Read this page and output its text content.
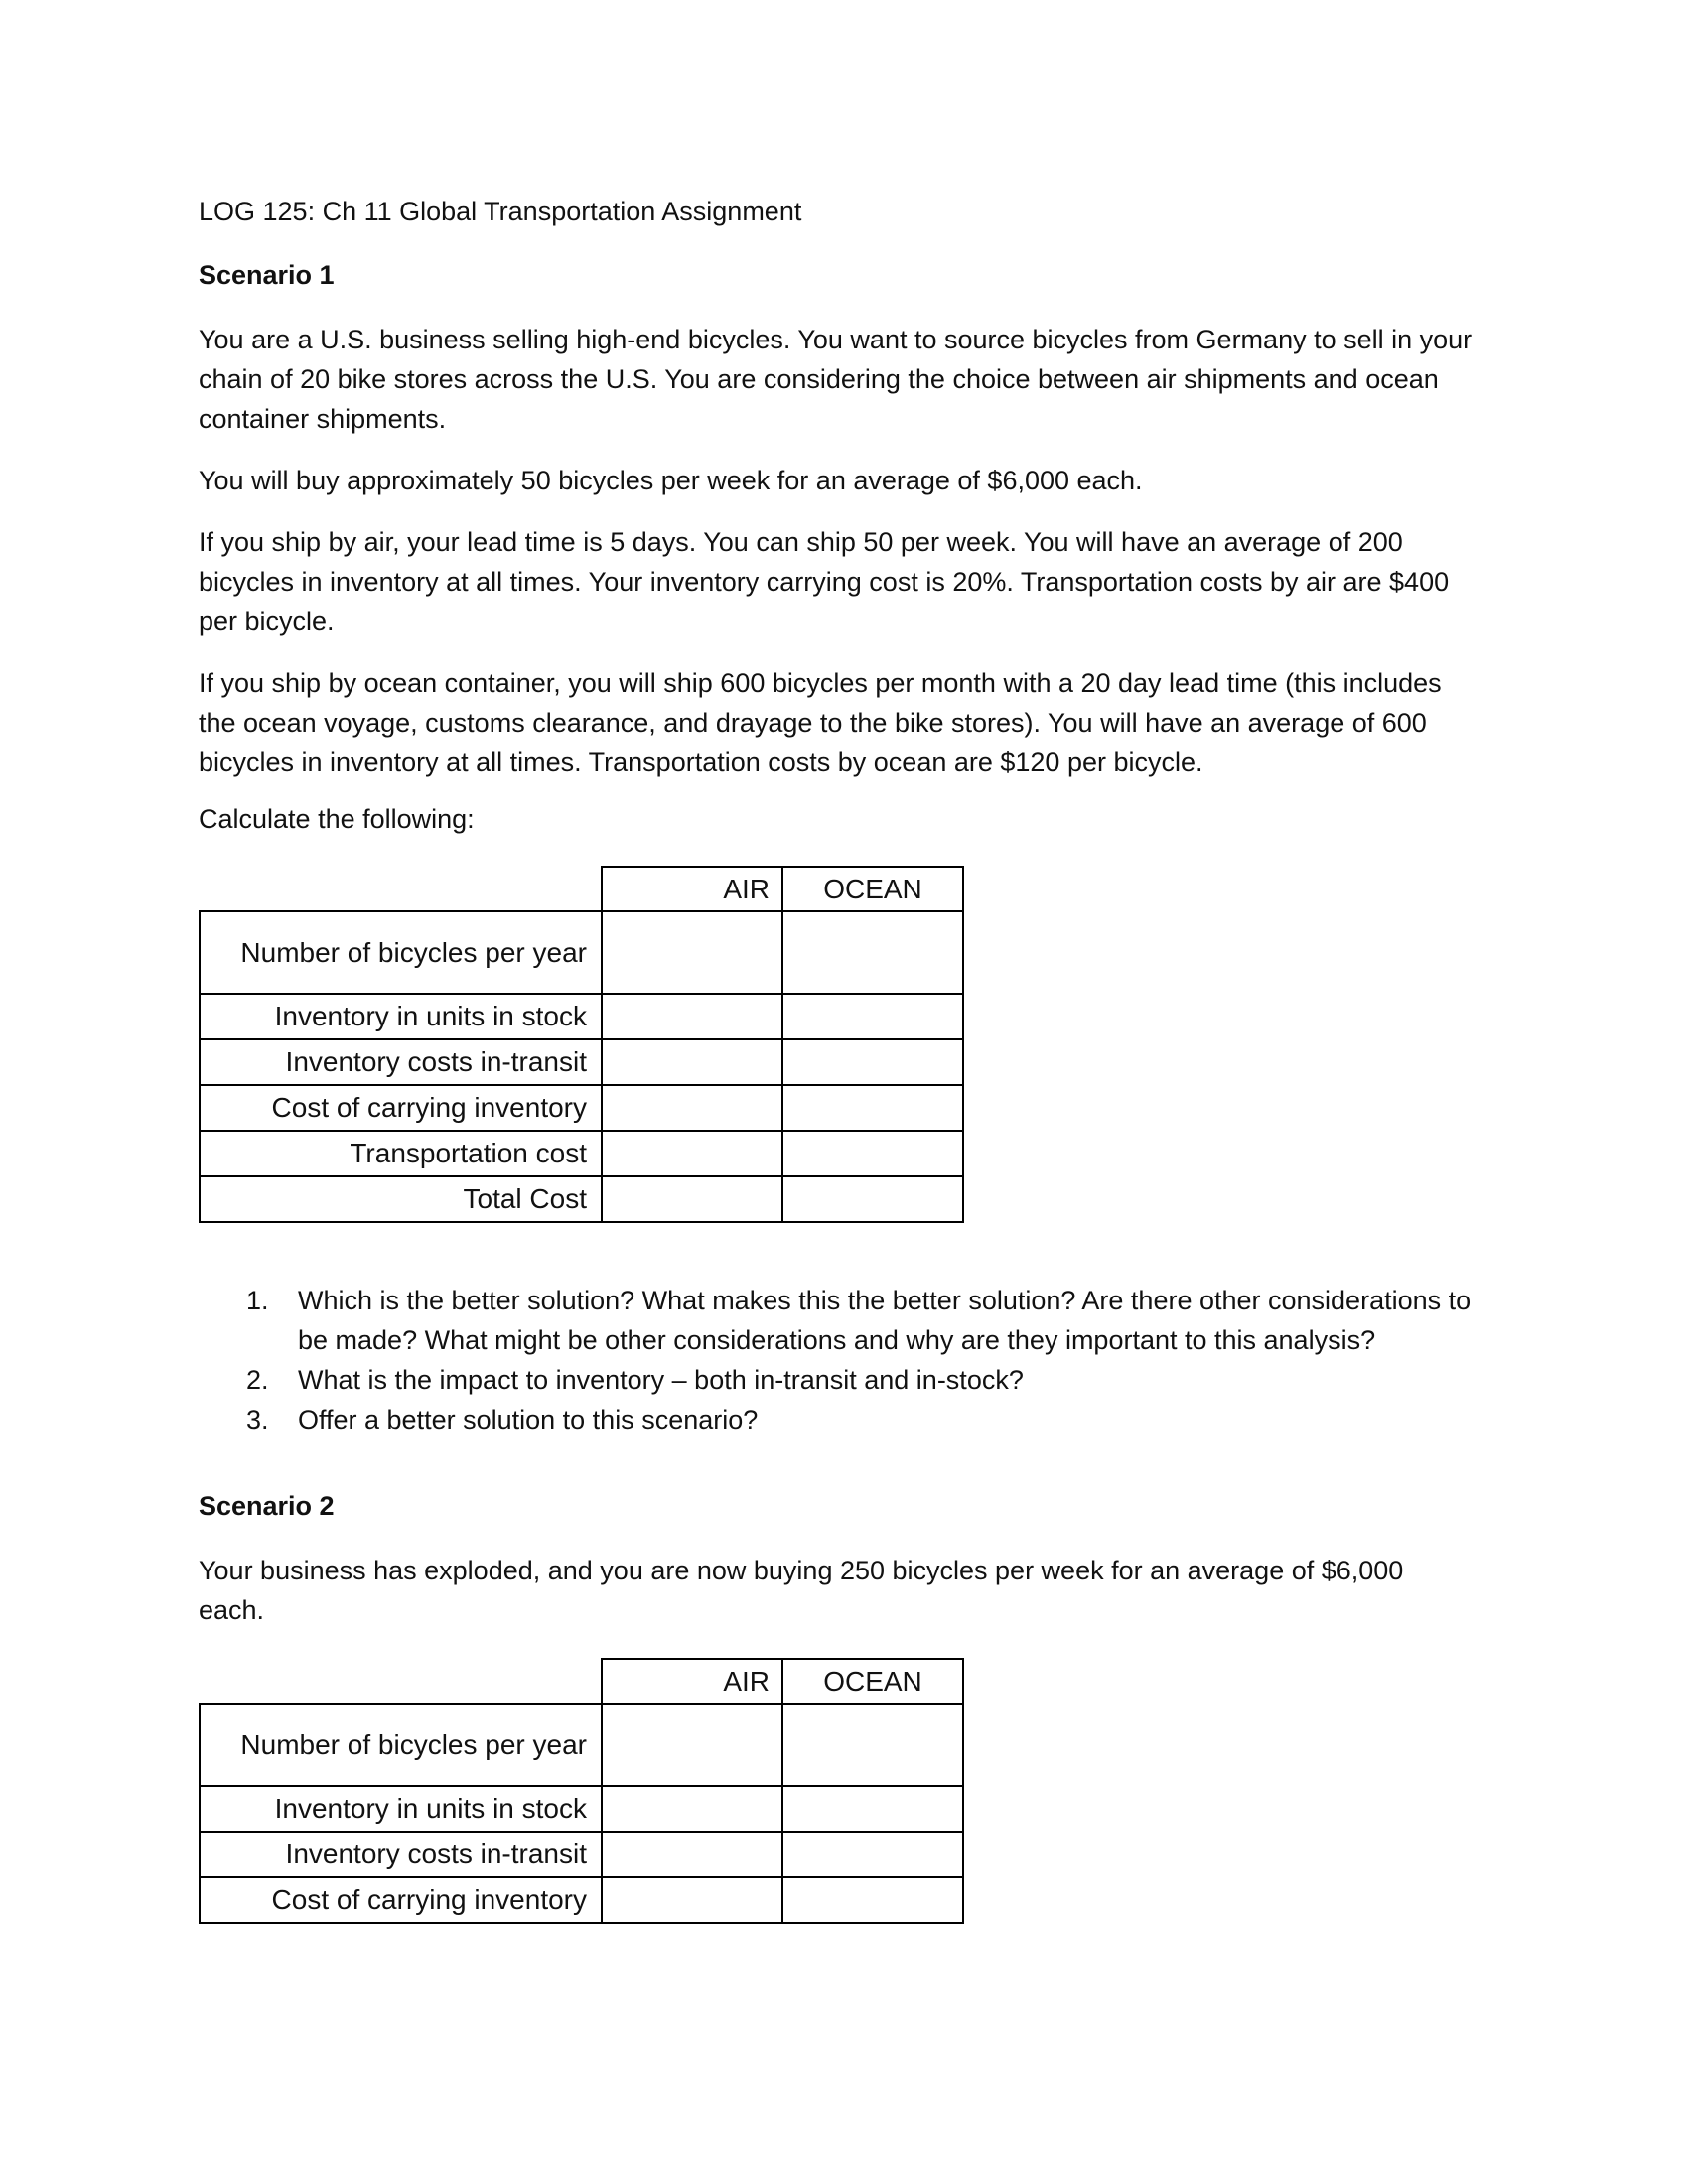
LOG 125: Ch 11 Global Transportation Assignment

Scenario 1

You are a U.S. business selling high-end bicycles. You want to source bicycles from Germany to sell in your chain of 20 bike stores across the U.S. You are considering the choice between air shipments and ocean container shipments.

You will buy approximately 50 bicycles per week for an average of $6,000 each.

If you ship by air, your lead time is 5 days. You can ship 50 per week. You will have an average of 200 bicycles in inventory at all times. Your inventory carrying cost is 20%. Transportation costs by air are $400 per bicycle.

If you ship by ocean container, you will ship 600 bicycles per month with a 20 day lead time (this includes the ocean voyage, customs clearance, and drayage to the bike stores). You will have an average of 600 bicycles in inventory at all times. Transportation costs by ocean are $120 per bicycle.

Calculate the following:

	AIR	OCEAN
Number of bicycles per year		
Inventory in units in stock		
Inventory costs in-transit		
Cost of carrying inventory		
Transportation cost		
Total Cost		
1. Which is the better solution? What makes this the better solution? Are there other considerations to be made? What might be other considerations and why are they important to this analysis?
2. What is the impact to inventory – both in-transit and in-stock?
3. Offer a better solution to this scenario?

Scenario 2

Your business has exploded, and you are now buying 250 bicycles per week for an average of $6,000 each.

	AIR	OCEAN
Number of bicycles per year		
Inventory in units in stock		
Inventory costs in-transit		
Cost of carrying inventory		
